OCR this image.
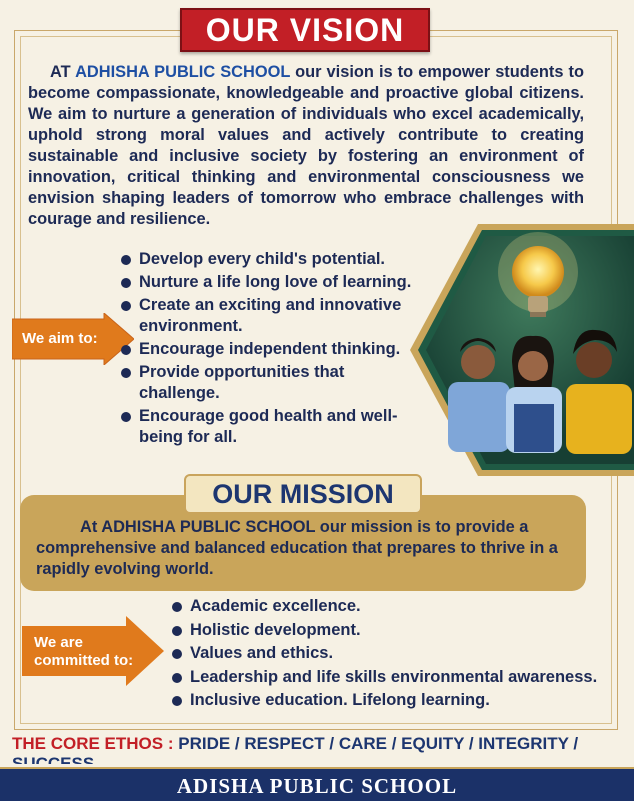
OUR VISION
AT ADHISHA PUBLIC SCHOOL our vision is to empower students to become compassionate, knowledgeable and proactive global citizens. We aim to nurture a generation of individuals who excel academically, uphold strong moral values and actively contribute to creating sustainable and inclusive society by fostering an environment of innovation, critical thinking and environmental consciousness we envision shaping leaders of tomorrow who embrace challenges with courage and resilience.
We aim to:
Develop every child's potential.
Nurture a life long love of learning.
Create an exciting and innovative environment.
Encourage independent thinking.
Provide opportunities that challenge.
Encourage good health and well-being for all.
At ADHISHA PUBLIC SCHOOL our mission is to provide a comprehensive and balanced education that prepares to thrive in a rapidly evolving world.
OUR MISSION
We are
committed to:
Academic excellence.
Holistic development.
Values and ethics.
Leadership and life skills environmental awareness.
Inclusive education. Lifelong learning.
THE CORE ETHOS : PRIDE / RESPECT / CARE / EQUITY / INTEGRITY /
ADISHA PUBLIC SCHOOL
